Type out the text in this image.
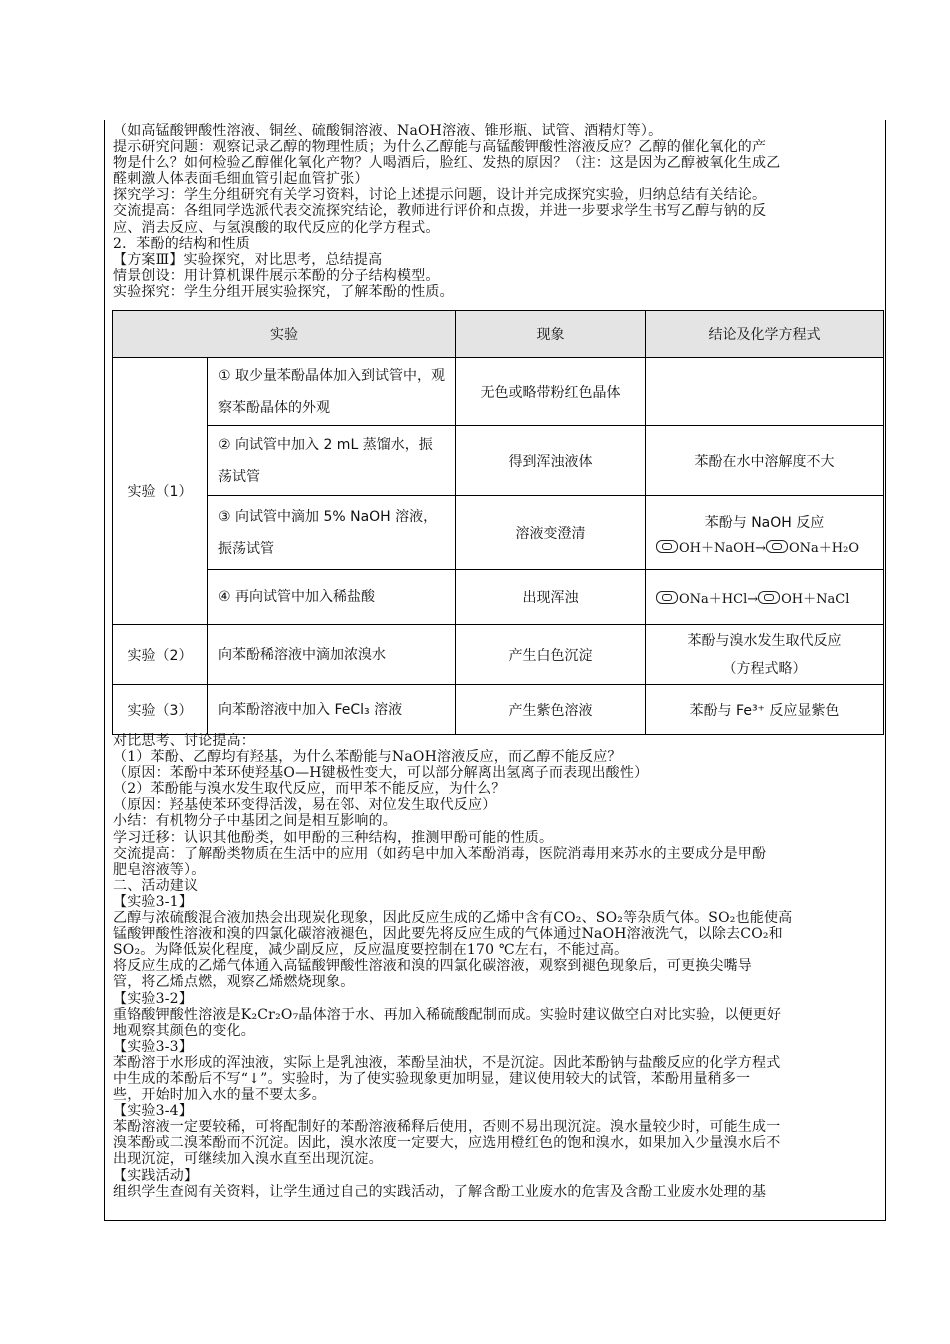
（如高锰酸钾酸性溶液、铜丝、硫酸铜溶液、NaOH溶液、锥形瓶、试管、酒精灯等）。
提示研究问题：观察记录乙醇的物理性质；为什么乙醇能与高锰酸钾酸性溶液反应？乙醇的催化氧化的产
物是什么？如何检验乙醇催化氧化产物？人喝酒后，脸红、发热的原因？（注：这是因为乙醇被氧化生成乙
醛刺激人体表面毛细血管引起血管扩张）
探究学习：学生分组研究有关学习资料，讨论上述提示问题，设计并完成探究实验，归纳总结有关结论。
交流提高：各组同学选派代表交流探究结论，教师进行评价和点拨，并进一步要求学生书写乙醇与钠的反
应、消去反应、与氢溴酸的取代反应的化学方程式。
2．苯酚的结构和性质
【方案Ⅲ】实验探究，对比思考，总结提高
情景创设：用计算机课件展示苯酚的分子结构模型。
实验探究：学生分组开展实验探究，了解苯酚的性质。
实验		现象	结论及化学方程式
实验（1）	① 取少量苯酚晶体加入到试管中，观察苯酚晶体的外观	无色或略带粉红色晶体	
	② 向试管中加入 2 mL 蒸馏水，振荡试管	得到浑浊液体	苯酚在水中溶解度不大
	③ 向试管中滴加 5% NaOH 溶液，振荡试管	溶液变澄清	苯酚与 NaOH 反应
OH＋NaOH→ ONa＋H₂O

	④ 再向试管中加入稀盐酸	出现浑浊	ONa＋HCl→ OH＋NaCl

实验（2）	向苯酚稀溶液中滴加浓溴水	产生白色沉淀	苯酚与溴水发生取代反应
（方程式略）

实验（3）	向苯酚溶液中加入 FeCl₃ 溶液	产生紫色溶液	苯酚与 Fe³⁺ 反应显紫色
对比思考、讨论提高：
（1）苯酚、乙醇均有羟基，为什么苯酚能与NaOH溶液反应，而乙醇不能反应？
（原因：苯酚中苯环使羟基O—H键极性变大，可以部分解离出氢离子而表现出酸性）
（2）苯酚能与溴水发生取代反应，而甲苯不能反应，为什么？
（原因：羟基使苯环变得活泼，易在邻、对位发生取代反应）
小结：有机物分子中基团之间是相互影响的。
学习迁移：认识其他酚类，如甲酚的三种结构，推测甲酚可能的性质。
交流提高：了解酚类物质在生活中的应用（如药皂中加入苯酚消毒，医院消毒用来苏水的主要成分是甲酚
肥皂溶液等）。
二、活动建议
【实验3-1】
乙醇与浓硫酸混合液加热会出现炭化现象，因此反应生成的乙烯中含有CO₂、SO₂等杂质气体。SO₂也能使高
锰酸钾酸性溶液和溴的四氯化碳溶液褪色，因此要先将反应生成的气体通过NaOH溶液洗气，以除去CO₂和
SO₂。为降低炭化程度，减少副反应，反应温度要控制在170 ℃左右，不能过高。
将反应生成的乙烯气体通入高锰酸钾酸性溶液和溴的四氯化碳溶液，观察到褪色现象后，可更换尖嘴导
管，将乙烯点燃，观察乙烯燃烧现象。
【实验3-2】
重铬酸钾酸性溶液是K₂Cr₂O₇晶体溶于水、再加入稀硫酸配制而成。实验时建议做空白对比实验，以便更好
地观察其颜色的变化。
【实验3-3】
苯酚溶于水形成的浑浊液，实际上是乳浊液，苯酚呈油状，不是沉淀。因此苯酚钠与盐酸反应的化学方程式
中生成的苯酚后不写“↓”。实验时，为了使实验现象更加明显，建议使用较大的试管，苯酚用量稍多一
些，开始时加入水的量不要太多。
【实验3-4】
苯酚溶液一定要较稀，可将配制好的苯酚溶液稀释后使用，否则不易出现沉淀。溴水量较少时，可能生成一
溴苯酚或二溴苯酚而不沉淀。因此，溴水浓度一定要大，应选用橙红色的饱和溴水，如果加入少量溴水后不
出现沉淀，可继续加入溴水直至出现沉淀。
【实践活动】
组织学生查阅有关资料，让学生通过自己的实践活动，了解含酚工业废水的危害及含酚工业废水处理的基
